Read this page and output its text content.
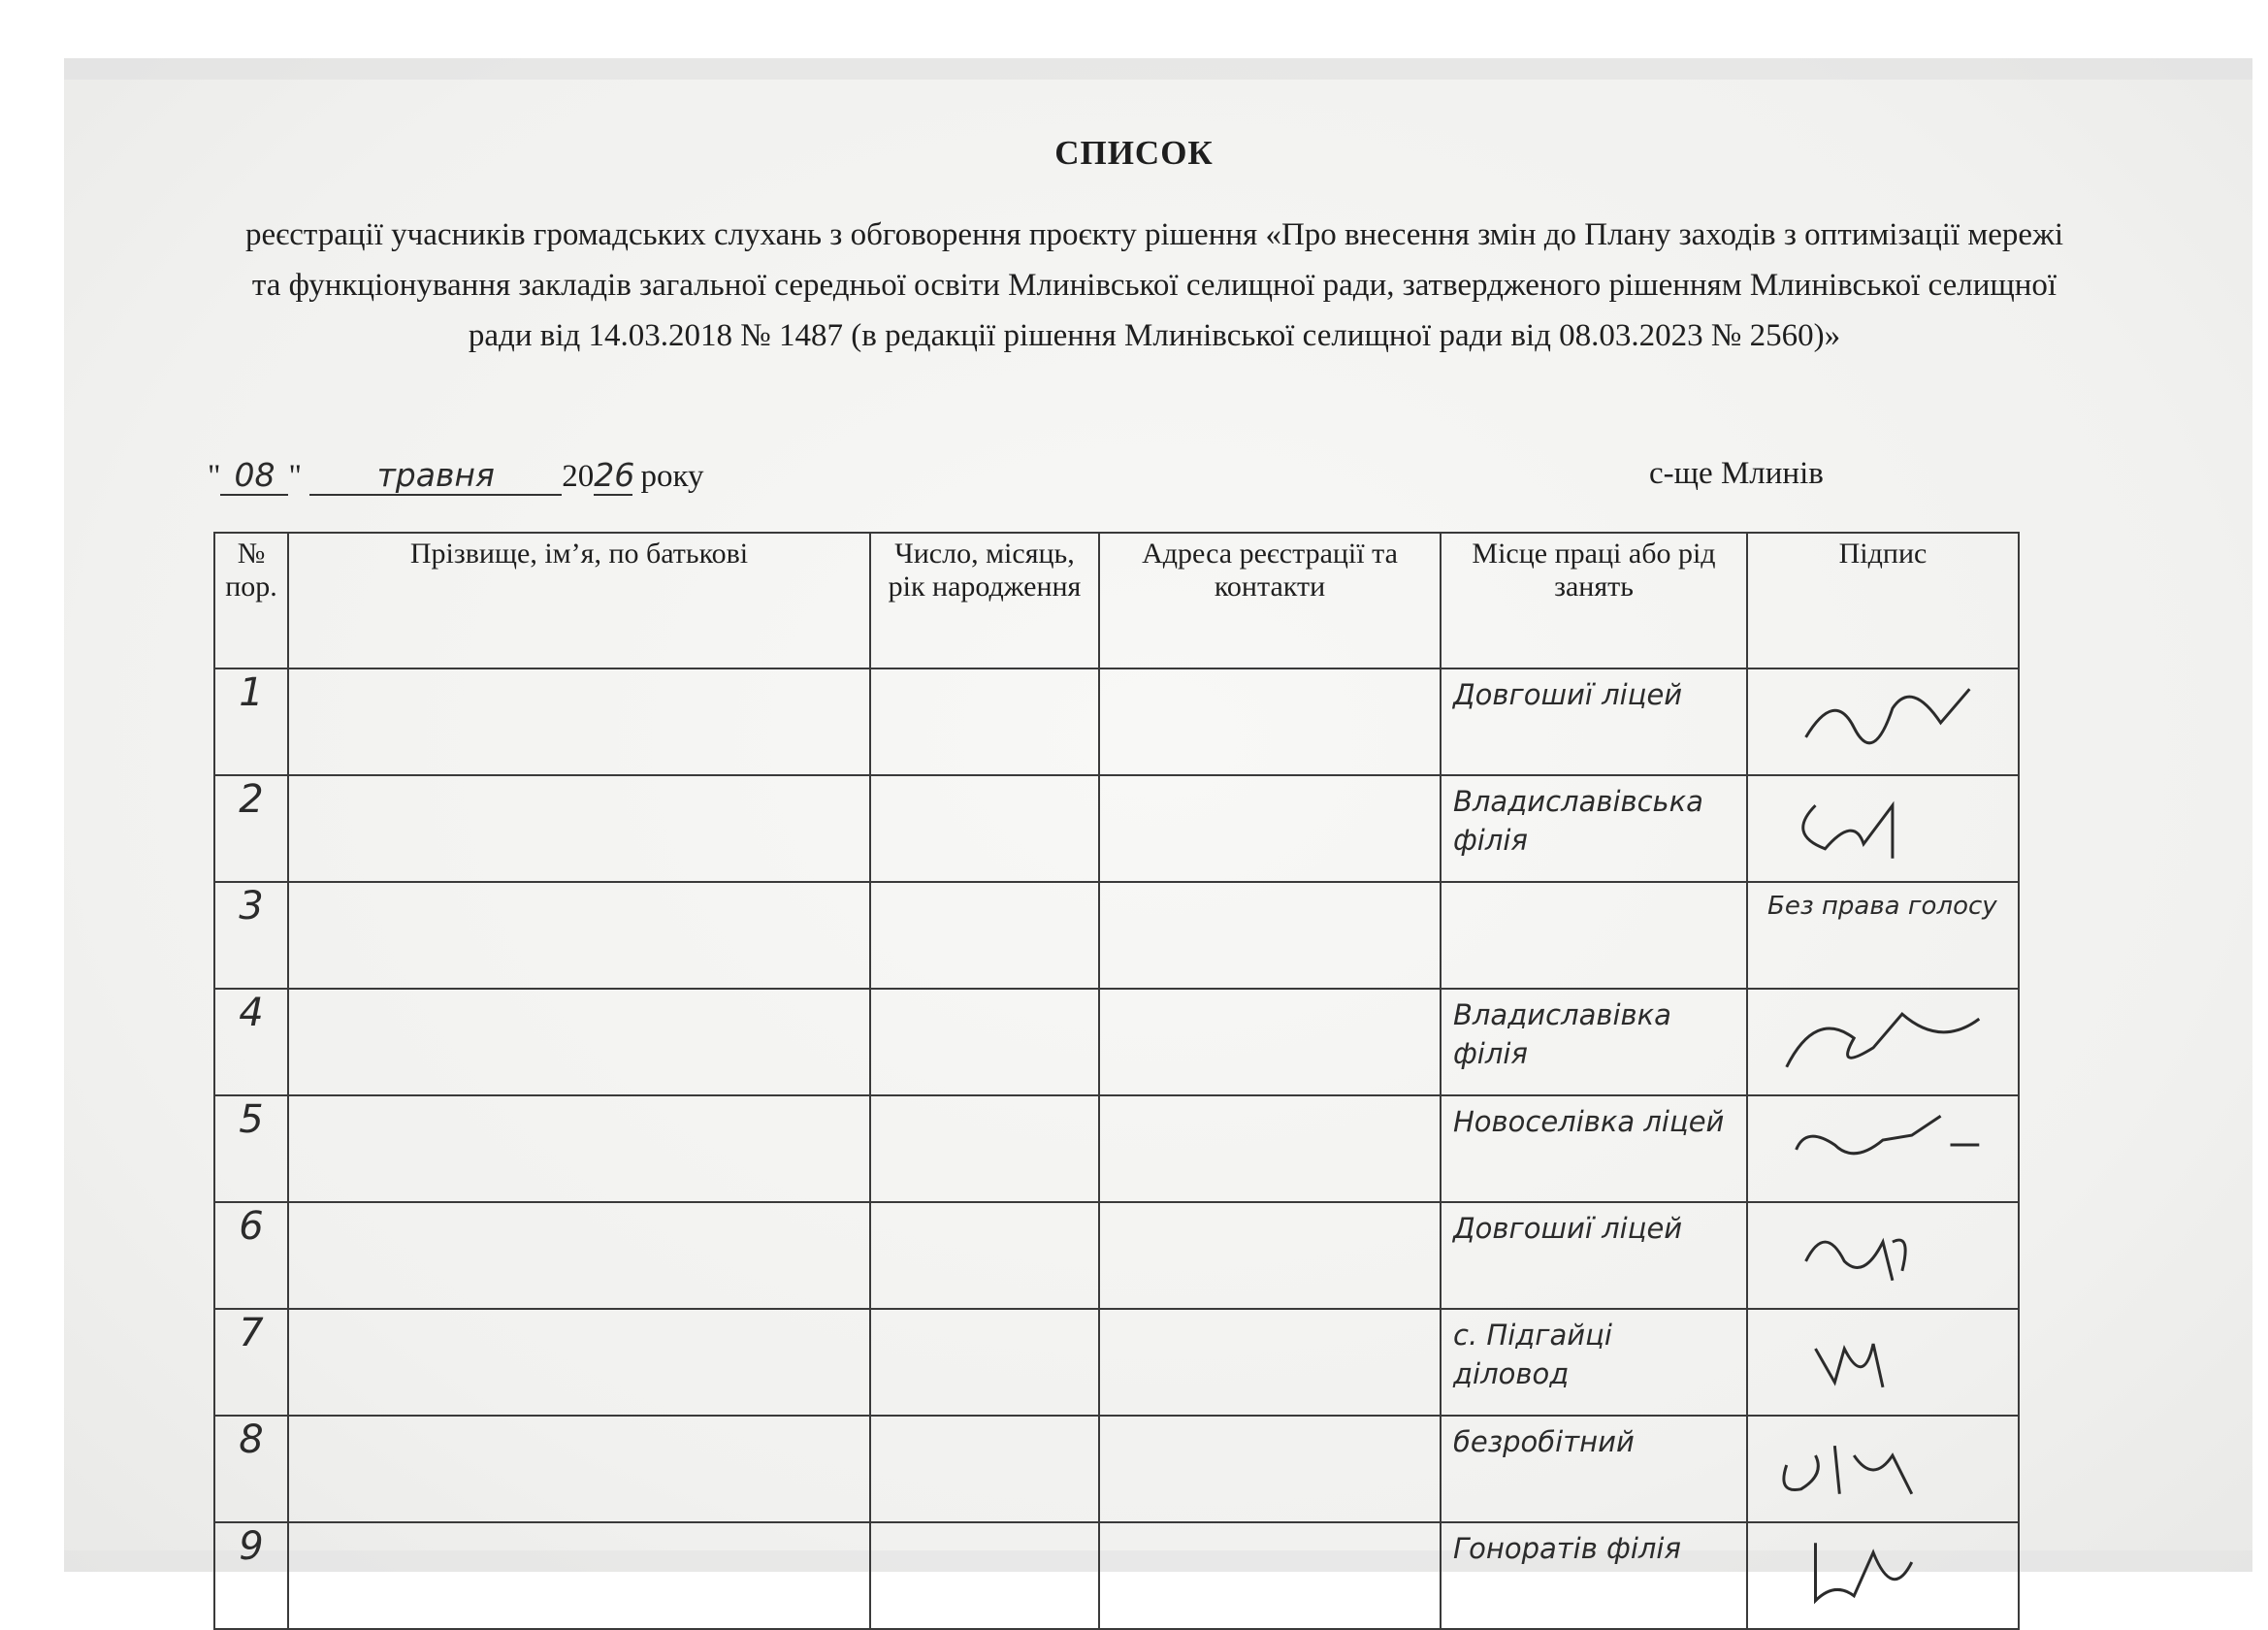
СПИСОК
реєстрації учасників громадських слухань з обговорення проєкту рішення «Про внесення змін до Плану заходів з оптимізації мережі та функціонування закладів загальної середньої освіти Млинівської селищної ради, затвердженого рішенням Млинівської селищної ради від 14.03.2018 № 1487 (в редакції рішення Млинівської селищної ради від 08.03.2023 № 2560)»
" 08 " травня 2026 року	с-ще Млинів
№ пор.	Прізвище, ім’я, по батькові	Число, місяць, рік народження	Адреса реєстрації та контакти	Місце праці або рід занять	Підпис
1				Довгошиї ліцей	

2				Владиславівська філія	

3					Без права голосу
4				Владиславівка філія	

5				Новоселівка ліцей	

6				Довгошиї ліцей	

7				с. Підгайці діловод	

8				безробітний	

9				Гоноратів філія	
